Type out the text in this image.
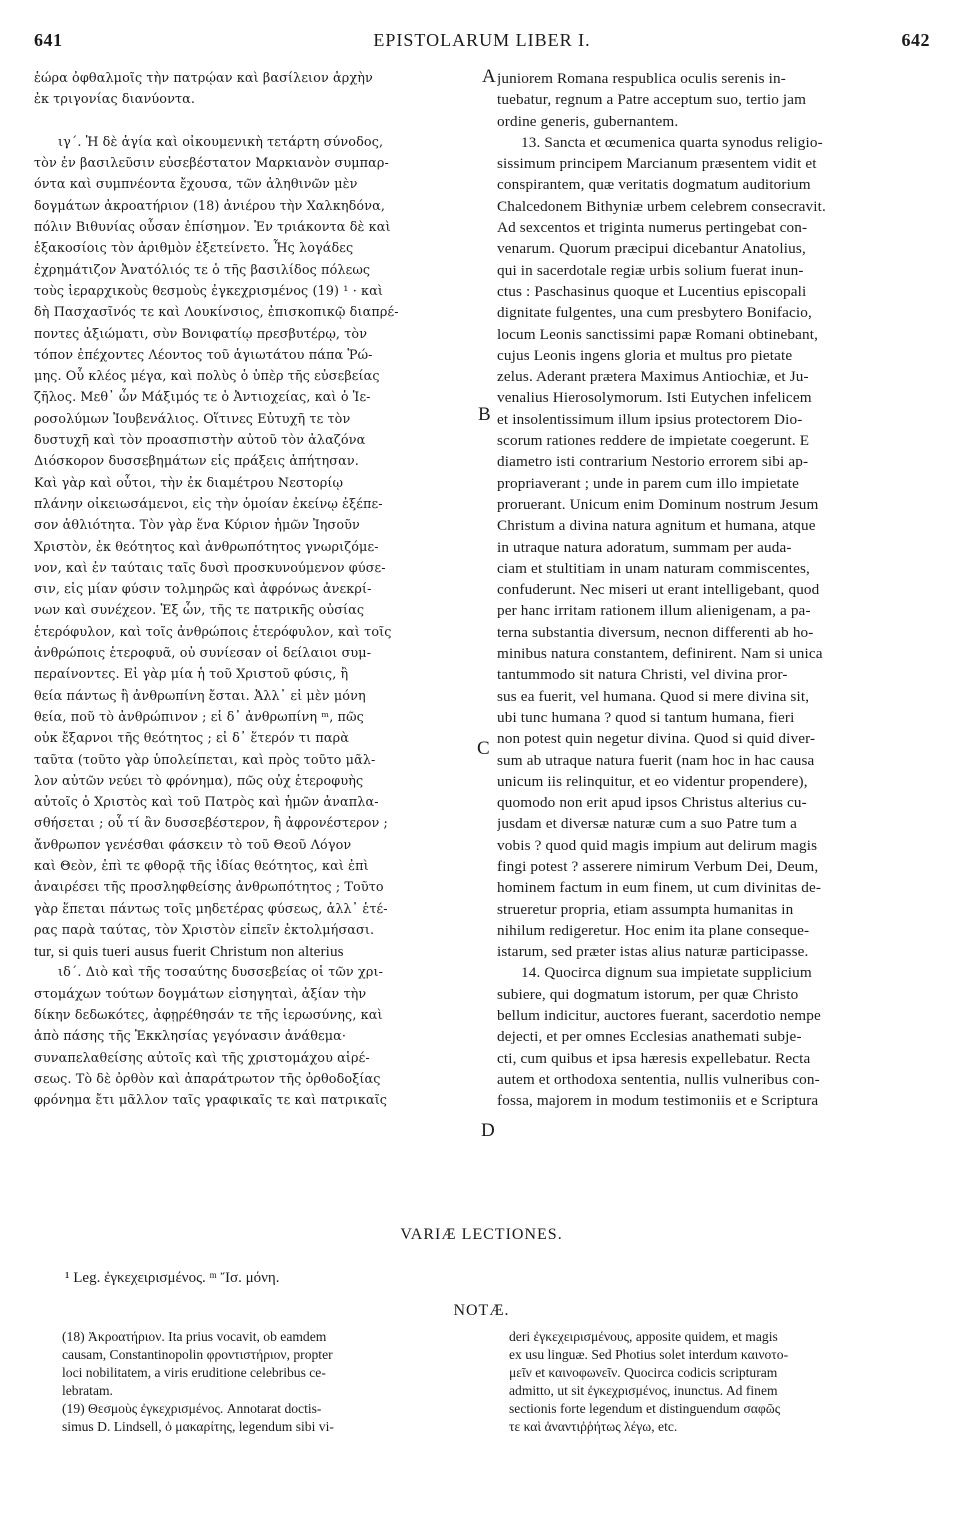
641	EPISTOLARUM LIBER I.	642
ἑώρα ὀφθαλμοῖς τὴν πατρῴαν καὶ βασίλειον ἀρχὴν
ἐκ τριγονίας διανύοντα.
ιγ΄. Ἡ δὲ ἁγία καὶ οἰκουμενικὴ τετάρτη σύνοδος,
τὸν ἐν βασιλεῦσιν εὐσεβέστατον Μαρκιανὸν συμπαρ-
όντα καὶ συμπνέοντα ἔχουσα, τῶν ἀληθινῶν μὲν
δογμάτων ἀκροατήριον (18) ἀνιέρου τὴν Χαλκηδόνα,
πόλιν Βιθυνίας οὖσαν ἐπίσημον. Ἐν τριάκοντα δὲ καὶ
ἑξακοσίοις τὸν ἀριθμὸν ἐξετείνετο. Ἧς λογάδες
ἐχρημάτιζον Ἀνατόλιός τε ὁ τῆς βασιλίδος πόλεως
τοὺς ἱεραρχικοὺς θεσμοὺς ἐγκεχρισμένος (19) ¹ · καὶ
δὴ Πασχασῖνός τε καὶ Λουκίνσιος, ἐπισκοπικῷ διαπρέ-
ποντες ἀξιώματι, σὺν Βονιφατίῳ πρεσβυτέρῳ, τὸν
τόπον ἐπέχοντες Λέοντος τοῦ ἁγιωτάτου πάπα Ῥώ-
μης. Οὗ κλέος μέγα, καὶ πολὺς ὁ ὑπὲρ τῆς εὐσεβείας
ζῆλος. Μεθ᾽ ὧν Μάξιμός τε ὁ Ἀντιοχείας, καὶ ὁ Ἱε-
ροσολύμων Ἰουβενάλιος. Οἵτινες Εὐτυχῆ τε τὸν
δυστυχῆ καὶ τὸν προασπιστὴν αὐτοῦ τὸν ἀλαζόνα
Διόσκορον δυσσεβημάτων εἰς πράξεις ἀπήτησαν.
Καὶ γὰρ καὶ οὗτοι, τὴν ἐκ διαμέτρου Νεστορίῳ
πλάνην οἰκειωσάμενοι, εἰς τὴν ὁμοίαν ἐκείνῳ ἐξέπε-
σον ἀθλιότητα. Τὸν γὰρ ἕνα Κύριον ἡμῶν Ἰησοῦν
Χριστὸν, ἐκ θεότητος καὶ ἀνθρωπότητος γνωριζόμε-
νον, καὶ ἐν ταύταις ταῖς δυσὶ προσκυνούμενον φύσε-
σιν, εἰς μίαν φύσιν τολμηρῶς καὶ ἀφρόνως ἀνεκρί-
νων καὶ συνέχεον. Ἐξ ὧν, τῆς τε πατρικῆς οὐσίας
ἑτερόφυλον, καὶ τοῖς ἀνθρώποις ἑτερόφυλον, καὶ τοῖς
ἀνθρώποις ἑτεροφυᾶ, οὐ συνίεσαν οἱ δείλαιοι συμ-
περαίνοντες. Εἰ γὰρ μία ἡ τοῦ Χριστοῦ φύσις, ἢ
θεία πάντως ἢ ἀνθρωπίνη ἔσται. Ἀλλ᾽ εἰ μὲν μόνη
θεία, ποῦ τὸ ἀνθρώπινον ; εἰ δ᾽ ἀνθρωπίνη ᵐ, πῶς
οὐκ ἔξαρνοι τῆς θεότητος ; εἰ δ᾽ ἕτερόν τι παρὰ
ταῦτα (τοῦτο γὰρ ὑπολείπεται, καὶ πρὸς τοῦτο μᾶλ-
λον αὐτῶν νεύει τὸ φρόνημα), πῶς οὐχ ἑτεροφυὴς
αὐτοῖς ὁ Χριστὸς καὶ τοῦ Πατρὸς καὶ ἡμῶν ἀναπλα-
σθήσεται ; οὗ τί ἂν δυσσεβέστερον, ἢ ἀφρονέστερον ;
ἄνθρωπον γενέσθαι φάσκειν τὸ τοῦ Θεοῦ Λόγον
καὶ Θεὸν, ἐπὶ τε φθορᾷ τῆς ἰδίας θεότητος, καὶ ἐπὶ
ἀναιρέσει τῆς προσληφθείσης ἀνθρωπότητος ; Τοῦτο
γὰρ ἕπεται πάντως τοῖς μηδετέρας φύσεως, ἀλλ᾽ ἑτέ-
ρας παρὰ ταύτας, τὸν Χριστὸν εἰπεῖν ἐκτολμήσασι.
tur, si quis tueri ausus fuerit Christum non alterius
ιδ΄. Διὸ καὶ τῆς τοσαύτης δυσσεβείας οἱ τῶν χρι-
στομάχων τούτων δογμάτων εἰσηγηταὶ, ἀξίαν τὴν
δίκην δεδωκότες, ἀφῃρέθησάν τε τῆς ἱερωσύνης, καὶ
ἀπὸ πάσης τῆς Ἐκκλησίας γεγόνασιν ἀνάθεμα·
συναπελαθείσης αὐτοῖς καὶ τῆς χριστομάχου αἱρέ-
σεως. Τὸ δὲ ὀρθὸν καὶ ἀπαράτρωτον τῆς ὀρθοδοξίας
φρόνημα ἔτι μᾶλλον ταῖς γραφικαῖς τε καὶ πατρικαῖς
juniorem Romana respublica oculis serenis in-
tuebatur, regnum a Patre acceptum suo, tertio jam
ordine generis, gubernantem.
13. Sancta et œcumenica quarta synodus religio-
sissimum principem Marcianum præsentem vidit et
conspirantem, quæ veritatis dogmatum auditorium
Chalcedonem Bithyniæ urbem celebrem consecravit.
Ad sexcentos et triginta numerus pertingebat con-
venarum. Quorum præcipui dicebantur Anatolius,
qui in sacerdotale regiæ urbis solium fuerat inun-
ctus : Paschasinus quoque et Lucentius episcopali
dignitate fulgentes, una cum presbytero Bonifacio,
locum Leonis sanctissimi papæ Romani obtinebant,
cujus Leonis ingens gloria et multus pro pietate
zelus. Aderant prætera Maximus Antiochiæ, et Ju-
venalius Hierosolymorum. Isti Eutychen infelicem
et insolentissimum illum ipsius protectorem Dio-
scorum rationes reddere de impietate coegerunt. E
diametro isti contrarium Nestorio errorem sibi ap-
propriaverant ; unde in parem cum illo impietate
proruerant. Unicum enim Dominum nostrum Jesum
Christum a divina natura agnitum et humana, atque
in utraque natura adoratum, summam per auda-
ciam et stultitiam in unam naturam commiscentes,
confuderunt. Nec miseri ut erant intelligebant, quod
per hanc irritam rationem illum alienigenam, a pa-
terna substantia diversum, necnon differenti ab ho-
minibus natura constantem, definirent. Nam si unica
tantummodo sit natura Christi, vel divina pror-
sus ea fuerit, vel humana. Quod si mere divina sit,
ubi tunc humana ? quod si tantum humana, fieri
non potest quin negetur divina. Quod si quid diver-
sum ab utraque natura fuerit (nam hoc in hac causa
unicum iis relinquitur, et eo videntur propendere),
quomodo non erit apud ipsos Christus alterius cu-
jusdam et diversæ naturæ cum a suo Patre tum a
vobis ? quod quid magis impium aut delirum magis
fingi potest ? asserere nimirum Verbum Dei, Deum,
hominem factum in eum finem, ut cum divinitas de-
strueretur propria, etiam assumpta humanitas in
nihilum redigeretur. Hoc enim ita plane conseque-
istarum, sed præter istas alius naturæ participasse.
14. Quocirca dignum sua impietate supplicium
subiere, qui dogmatum istorum, per quæ Christo
bellum indicitur, auctores fuerant, sacerdotio nempe
dejecti, et per omnes Ecclesias anathemati subje-
cti, cum quibus et ipsa hæresis expellebatur. Recta
autem et orthodoxa sententia, nullis vulneribus con-
fossa, majorem in modum testimoniis et e Scriptura
A
B
C
D
VARIÆ LECTIONES.
¹ Leg. ἐγκεχειρισμένος. ᵐ Ἴσ. μόνη.
NOTÆ.
(18) Ἀκροατήριον. Ita prius vocavit, ob eamdem
causam, Constantinopolin φροντιστήριον, propter
loci nobilitatem, a viris eruditione celebribus ce-
lebratam.
(19) Θεσμοὺς ἐγκεχρισμένος. Annotarat doctis-
simus D. Lindsell, ὁ μακαρίτης, legendum sibi vi-
deri ἐγκεχειρισμένους, apposite quidem, et magis
ex usu linguæ. Sed Photius solet interdum καινοτο-
μεῖν et καινοφωνεῖν. Quocirca codicis scripturam
admitto, ut sit ἐγκεχρισμένος, inunctus. Ad finem
sectionis forte legendum et distinguendum σαφῶς
τε καὶ ἀναντιῤῥήτως λέγω, etc.
